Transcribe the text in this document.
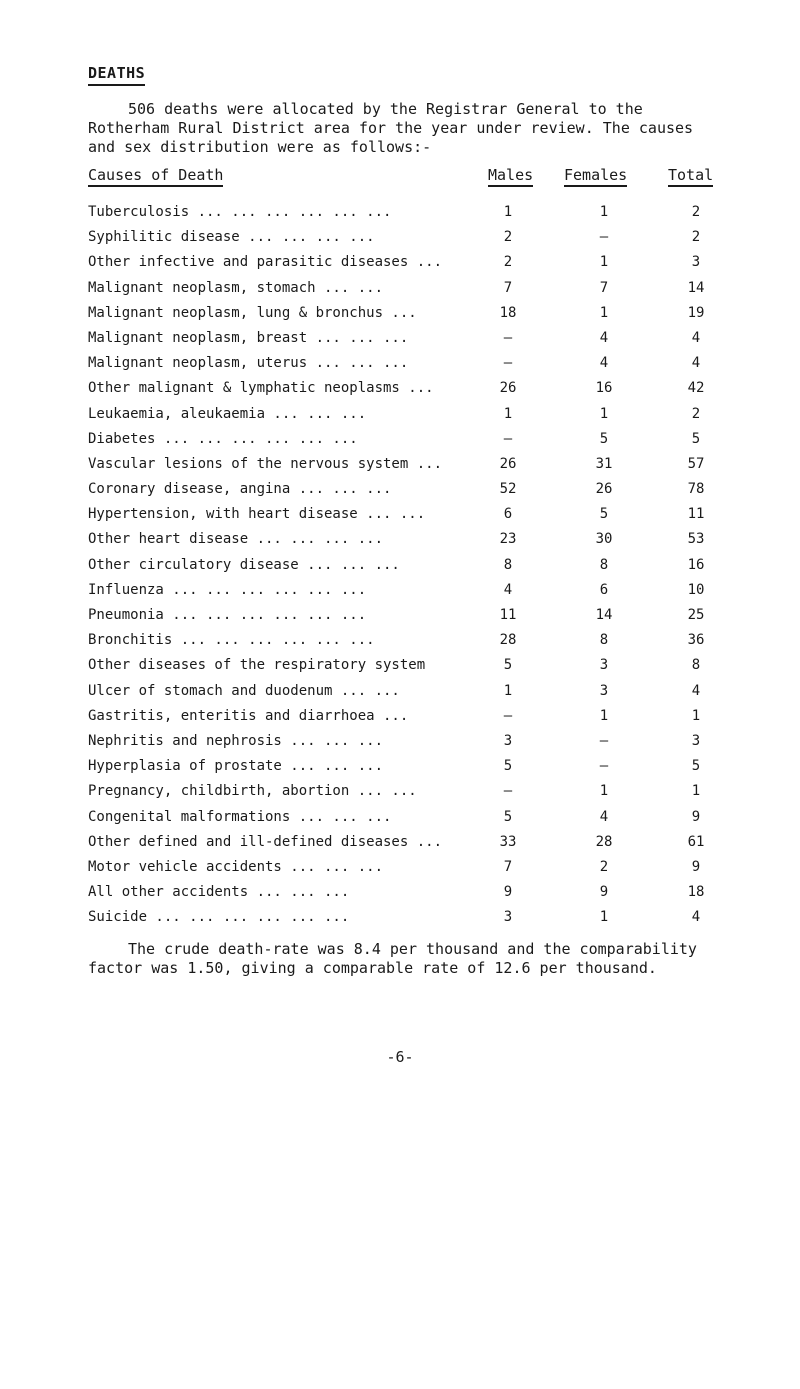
DEATHS

506 deaths were allocated by the Registrar General to the Rotherham Rural District area for the year under review. The causes and sex distribution were as follows:-

Causes of Death	Males Females	Total
Tuberculosis ... ... ... ... ... ...	1	1	2
Syphilitic disease ... ... ... ...	2	–	2
Other infective and parasitic diseases ...	2	1	3
Malignant neoplasm, stomach ... ...	7	7	14
Malignant neoplasm, lung & bronchus ...	18	1	19
Malignant neoplasm, breast ... ... ...	–	4	4
Malignant neoplasm, uterus ... ... ...	–	4	4
Other malignant & lymphatic neoplasms ...	26	16	42
Leukaemia, aleukaemia ... ... ...	1	1	2
Diabetes ... ... ... ... ... ...	–	5	5
Vascular lesions of the nervous system ...	26	31	57
Coronary disease, angina ... ... ...	52	26	78
Hypertension, with heart disease ... ...	6	5	11
Other heart disease ... ... ... ...	23	30	53
Other circulatory disease ... ... ...	8	8	16
Influenza ... ... ... ... ... ...	4	6	10
Pneumonia ... ... ... ... ... ...	11	14	25
Bronchitis ... ... ... ... ... ...	28	8	36
Other diseases of the respiratory system	5	3	8
Ulcer of stomach and duodenum ... ...	1	3	4
Gastritis, enteritis and diarrhoea ...	–	1	1
Nephritis and nephrosis ... ... ...	3	–	3
Hyperplasia of prostate ... ... ...	5	–	5
Pregnancy, childbirth, abortion ... ...	–	1	1
Congenital malformations ... ... ...	5	4	9
Other defined and ill-defined diseases ...	33	28	61
Motor vehicle accidents ... ... ...	7	2	9
All other accidents ... ... ...	9	9	18
Suicide ... ... ... ... ... ...	3	1	4

The crude death-rate was 8.4 per thousand and the comparability factor was 1.50, giving a comparable rate of 12.6 per thousand.

-6-
